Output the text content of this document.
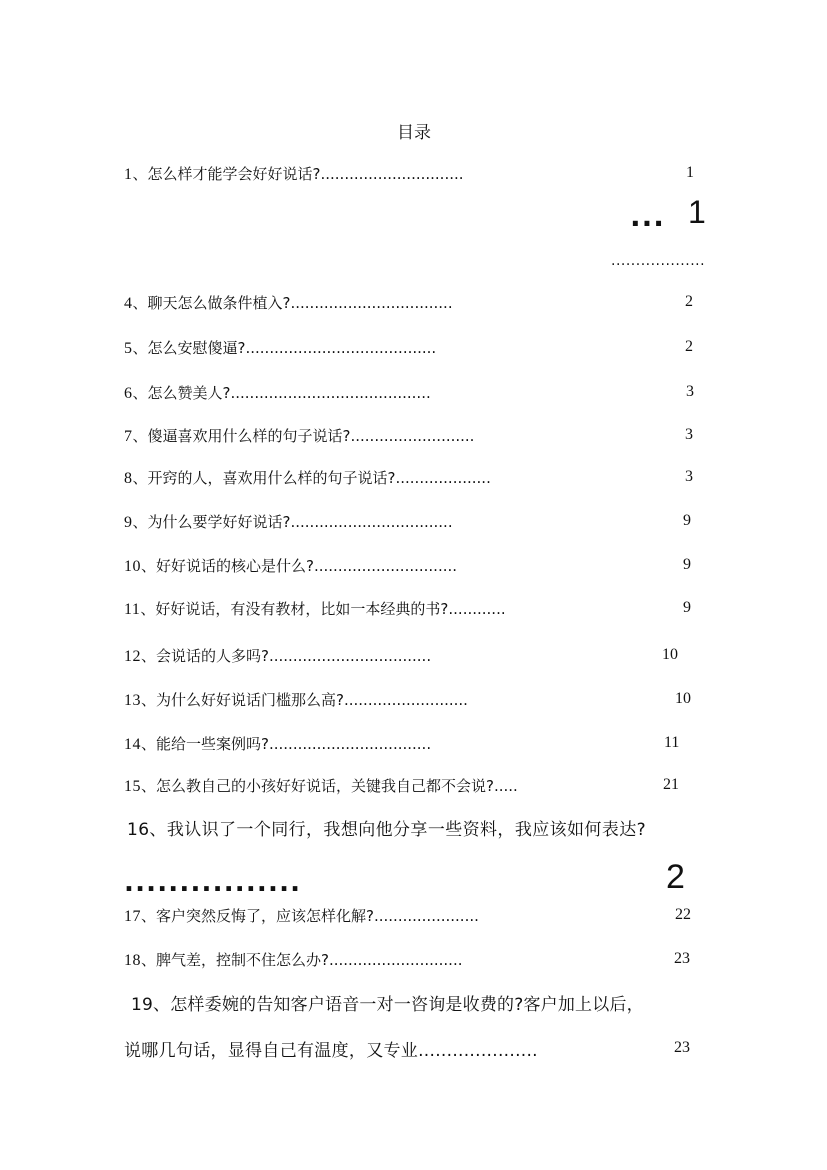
目录
1、怎么样才能学会好好说话?..............................	1
... 1
...................
4、聊天怎么做条件植入?..................................	2
5、怎么安慰傻逼?........................................	2
6、怎么赞美人?..........................................	3
7、傻逼喜欢用什么样的句子说话?..........................	3
8、开窍的人，喜欢用什么样的句子说话?....................	3
9、为什么要学好好说话?..................................	9
10、好好说话的核心是什么?..............................	9
11、好好说话，有没有教材，比如一本经典的书?............	9
12、会说话的人多吗?..................................	10
13、为什么好好说话门槛那么高?..........................	10
14、能给一些案例吗?..................................	11
15、怎么教自己的小孩好好说话，关键我自己都不会说?.....	21
16、我认识了一个同行，我想向他分享一些资料，我应该如何表达?
................	2
17、客户突然反悔了，应该怎样化解?......................	22
18、脾气差，控制不住怎么办?............................	23
19、怎样委婉的告知客户语音一对一咨询是收费的?客户加上以后，
说哪几句话，显得自己有温度，又专业.....................	23
